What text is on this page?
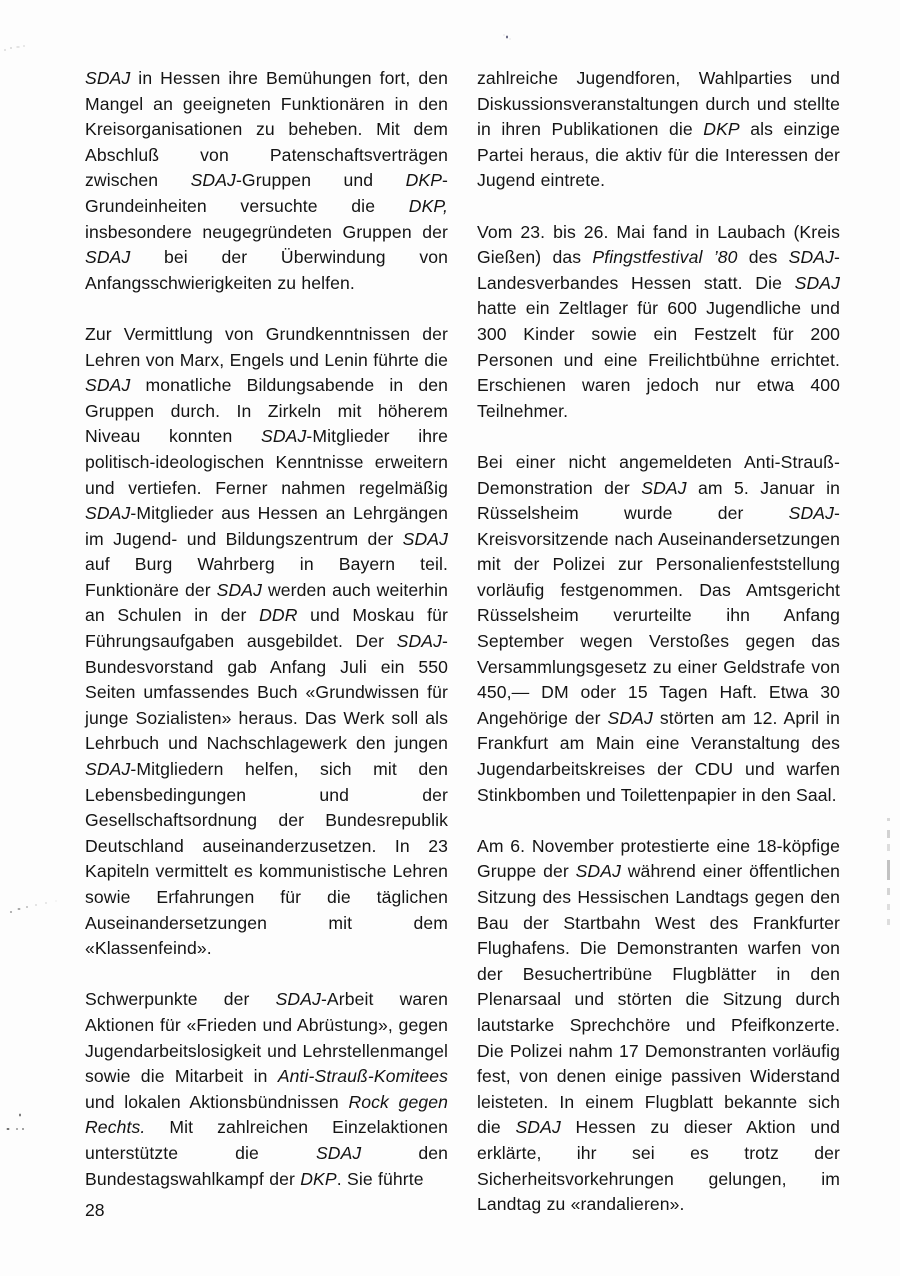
SDAJ in Hessen ihre Bemühungen fort, den Mangel an geeigneten Funktionären in den Kreisorganisationen zu beheben. Mit dem Abschluß von Patenschaftsverträgen zwischen SDAJ-Gruppen und DKP-Grundeinheiten versuchte die DKP, insbesondere neugegründeten Gruppen der SDAJ bei der Überwindung von Anfangsschwierigkeiten zu helfen.

Zur Vermittlung von Grundkenntnissen der Lehren von Marx, Engels und Lenin führte die SDAJ monatliche Bildungsabende in den Gruppen durch. In Zirkeln mit höherem Niveau konnten SDAJ-Mitglieder ihre politisch-ideologischen Kenntnisse erweitern und vertiefen. Ferner nahmen regelmäßig SDAJ-Mitglieder aus Hessen an Lehrgängen im Jugend- und Bildungszentrum der SDAJ auf Burg Wahrberg in Bayern teil. Funktionäre der SDAJ werden auch weiterhin an Schulen in der DDR und Moskau für Führungsaufgaben ausgebildet. Der SDAJ-Bundesvorstand gab Anfang Juli ein 550 Seiten umfassendes Buch «Grundwissen für junge Sozialisten» heraus. Das Werk soll als Lehrbuch und Nachschlagewerk den jungen SDAJ-Mitgliedern helfen, sich mit den Lebensbedingungen und der Gesellschaftsordnung der Bundesrepublik Deutschland auseinanderzusetzen. In 23 Kapiteln vermittelt es kommunistische Lehren sowie Erfahrungen für die täglichen Auseinandersetzungen mit dem «Klassenfeind».

Schwerpunkte der SDAJ-Arbeit waren Aktionen für «Frieden und Abrüstung», gegen Jugendarbeitslosigkeit und Lehrstellenmangel sowie die Mitarbeit in Anti-Strauß-Komitees und lokalen Aktionsbündnissen Rock gegen Rechts. Mit zahlreichen Einzelaktionen unterstützte die SDAJ den Bundestagswahlkampf der DKP. Sie führte

zahlreiche Jugendforen, Wahlparties und Diskussionsveranstaltungen durch und stellte in ihren Publikationen die DKP als einzige Partei heraus, die aktiv für die Interessen der Jugend eintrete.

Vom 23. bis 26. Mai fand in Laubach (Kreis Gießen) das Pfingstfestival ’80 des SDAJ-Landesverbandes Hessen statt. Die SDAJ hatte ein Zeltlager für 600 Jugendliche und 300 Kinder sowie ein Festzelt für 200 Personen und eine Freilichtbühne errichtet. Erschienen waren jedoch nur etwa 400 Teilnehmer.

Bei einer nicht angemeldeten Anti-Strauß-Demonstration der SDAJ am 5. Januar in Rüsselsheim wurde der SDAJ-Kreisvorsitzende nach Auseinandersetzungen mit der Polizei zur Personalienfeststellung vorläufig festgenommen. Das Amtsgericht Rüsselsheim verurteilte ihn Anfang September wegen Verstoßes gegen das Versammlungsgesetz zu einer Geldstrafe von 450,— DM oder 15 Tagen Haft. Etwa 30 Angehörige der SDAJ störten am 12. April in Frankfurt am Main eine Veranstaltung des Jugendarbeitskreises der CDU und warfen Stinkbomben und Toilettenpapier in den Saal.

Am 6. November protestierte eine 18-köpfige Gruppe der SDAJ während einer öffentlichen Sitzung des Hessischen Landtags gegen den Bau der Startbahn West des Frankfurter Flughafens. Die Demonstranten warfen von der Besuchertribüne Flugblätter in den Plenarsaal und störten die Sitzung durch lautstarke Sprechchöre und Pfeifkonzerte. Die Polizei nahm 17 Demonstranten vorläufig fest, von denen einige passiven Widerstand leisteten. In einem Flugblatt bekannte sich die SDAJ Hessen zu dieser Aktion und erklärte, ihr sei es trotz der Sicherheitsvorkehrungen gelungen, im Landtag zu «randalieren».

28
